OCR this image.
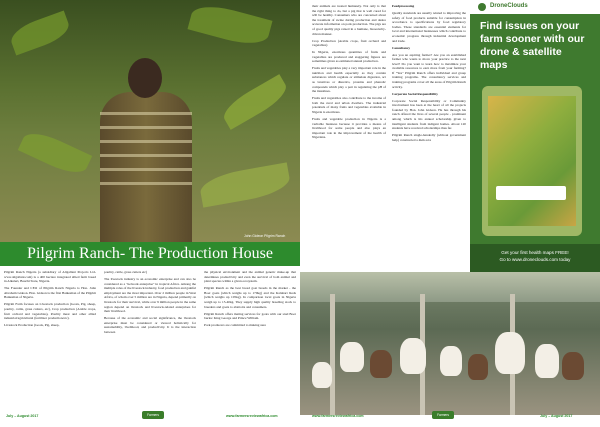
John Gideon Pilgrim Ranch
Pilgrim Ranch- The Production House

Pilgrim Ranch Nigeria (a subsidiary of Altgallant Projects Ltd- www.altgallant.com) is a 400 hectare integrated allied farm based in Alkaleri, Bauchi State, Nigeria.

The Founder and CEO of Pilgrim Ranch Nigeria is Hon. John Abraham Gideon. Hon. Gideon is the first Banksman of the Pilgrim Banksman of Nigeria.

Pilgrim Farm focuses on Livestock production (Goats, Pig, sheep, poultry, cattle, grass cutters, etc), Crop production (Arable crops, fruit orchard and vegetables), Poultry meat and other allied industrial/agricultural (fertilizer production/etc).

Livestock Production (Goats, Pig, sheep,

poultry, cattle, grass cutters etc)

The livestock industry is an economic enterprise and can also be considered as a "network enterprise" in tropical Africa. Among the multiple roles of the livestock industry, food production and gainful employment are the most important. Over 2 million people in West Africa, of whom over 5 million are in Nigeria, depend primarily on livestock for their survival, while over 9 million people in the same region depend on livestock and livestock-related enterprises for their livelihood.

Because of the economic and social significance, the livestock enterprise must be considered or viewed holistically for sustainability, livelihood, and productivity. It is the interaction between

the physical environment and the animal genetic make-up that determines productivity and even the survival of both animal and plant species within a given ecosystem.

Pilgrim Ranch as the best breed goat breeds in the market - the Boer goats (which weighs up to 170kg) and the Kalahari Reds (which weighs up 105kg). In comparison local goats in Nigeria weigh up to 15-40kg. They supply high quality breeding stock to breeders and goats to abattoirs and consumers.

Pilgrim Ranch offers mating services for goats with our stud Boer bucks: King George and Prince William.

Pork producers are committed to making sure

July – August 2017	Farmers Review
www.farmersreviewafrica.com

their animals are treated humanely. Not only is that the right thing to do, but a pig that is well cared for will be healthy. Consumers who are concerned about the treatment of swine during production and desire accurate information on pork production. The pigs are of good quality pigs raised in a humane, biosecurity-driven manner.

Crop Production (Arable crops, fruit orchard and vegetables)

In Nigeria, enormous quantities of fruits and vegetables are produced and staggering figures are sometimes given as estimated annual production.

Fruits and vegetables play a very important role in the nutrition and health especially as they contain substances which regulate or stimulate digestion, act as laxatives or diuretics, proteins and phenolic compounds which play a part in regulating the pH of the intestines.

Fruits and vegetables also contribute to the income of both the rural and urban dwellers. The industrial potentials of many fruits and vegetables available in Nigeria is enormous.

Fruits and vegetable production in Nigeria is a veritable business because it provides a means of livelihood for some people and also plays an important role in the improvement of the health of Nigerians.

Feedprocessing

Quality standards are usually related to improving the safety of food products suitable for consumption in accordance to specifications by food regulatory bodies. These standards are essential elements for local and international businesses which contribute to economic progress through industrial development and trade.

Consultancy

Are you an aspiring farmer? Are you an established farmer who wants to move your practice to the next level? Do you want to learn how to maximize your available resources to earn more from your farming? If "Yes" Pilgrim Ranch offers individual and group training programs. The consultancy services and training programs cover all the areas of Pilgrim Ranch activity.

Corporate Social Responsibility

Corporate Social Responsibility or Community involvement has been at the heart of all the projects founded by Hon. John Gideon. He has through his ranch offered the lives of several people - prominent among which is his annual scholarship given to intelligent students from indigent homes. About 120 students have received scholarships thus far.

Pilgrim Ranch single-handedly (without government help) constructed a 4km acre

DroneClouds
Find issues on your farm sooner with our drone & satellite maps
Get your first health maps FREE!
Go to www.droneclouds.com today
www.farmersreviewafrica.com	Farmers Review
July – August 2017
